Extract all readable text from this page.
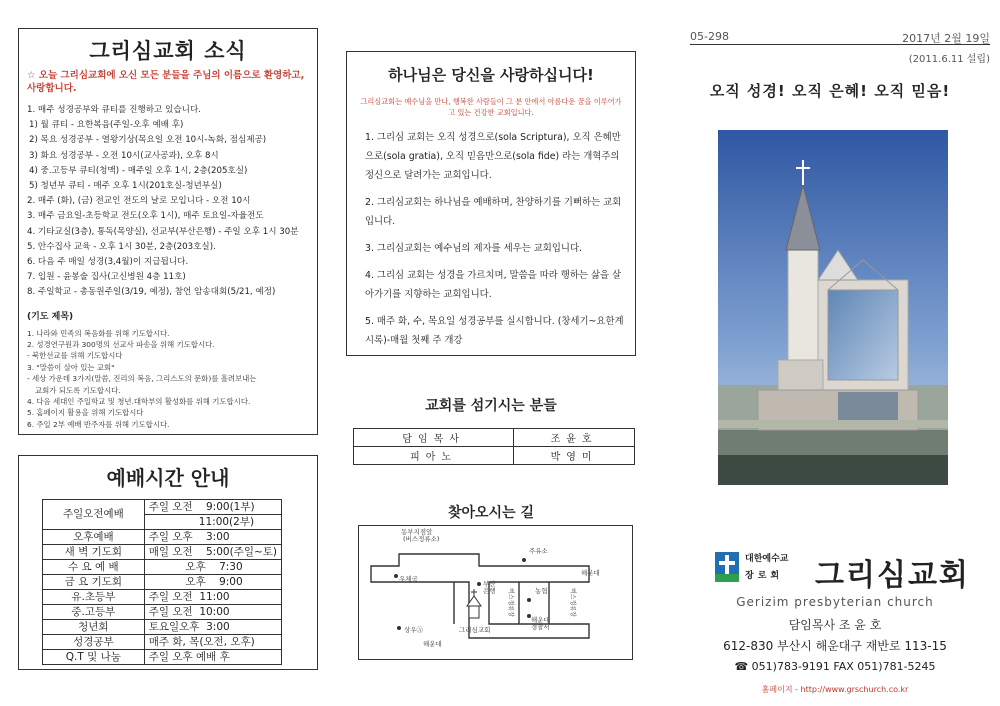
그리심교회 소식
☆ 오늘 그리심교회에 오신 모든 분들을 주님의 이름으로 환영하고, 사랑합니다.
1. 매주 성경공부와 큐티를 진행하고 있습니다.
1) 월 큐티 - 요한복음(주일-오후 예배 후)
2) 목요 성경공부 - 열왕기상(목요일 오전 10시-녹화, 점심제공)
3) 화요 성경공부 - 오전 10시(교사공과), 오후 8시
4) 중.고등부 큐티(청맥) - 매주일 오후 1시, 2층(205호실)
5) 청년부 큐티 - 매주 오후 1시(201호실-청년부실)
2. 매주 (화), (금) 전교인 전도의 날로 모입니다 - 오전 10시
3. 매주 금요일-초등학교 전도(오후 1시), 매주 토요일-자율전도
4. 기타교실(3층), 통독(목양실), 선교부(부산은행) - 주일 오후 1시 30분
5. 안수집사 교육 - 오후 1시 30분, 2층(203호실).
6. 다음 주 매일 성경(3,4월)이 지급됩니다.
7. 입원 - 윤봉술 집사(고신병원 4층 11호)
8. 주일학교 - 총동원주일(3/19, 예정), 참언 암송대회(5/21, 예정)
(기도 제목)
1. 나라와 민족의 복음화를 위해 기도합시다.
2. 성경연구원과 300명의 선교사 파송을 위해 기도합시다.
- 북한선교를 위해 기도합시다
3. "말씀이 살아 있는 교회"
- 세상 가운데 3가지(말씀, 진리의 복음, 그리스도의 문화)를 흘려보내는
교회가 되도록 기도합시다.
4. 다음 세대인 주일학교 및 청년.대학부의 활성화를 위해 기도합시다.
5. 홈페이지 활용을 위해 기도합시다
6. 주일 2부 예배 반주자를 위해 기도합시다.
예배시간 안내
주일오전예배	주일 오전    9:00(1부)
	11:00(2부)
오후예배	주일 오후    3:00
새 벽 기도회	매일 오전    5:00(주일~토)
수 요 예 배	오후    7:30
금 요 기도회	오후    9:00
유.초등부	주일 오전  11:00
중.고등부	주일 오전  10:00
청년회	토요일오후  3:00
성경공부	매주 화, 목(오전, 오후)
Q.T 및 나눔	주일 오후 예배 후
하나님은 당신을 사랑하십니다!
그리심교회는 예수님을 만나, 행복한 사람들이 그 분 안에서 아름다운 꿈을 이루어가고 있는 건강한 교회입니다.
1. 그리심 교회는 오직 성경으로(sola Scriptura), 오직 은혜만으로(sola gratia), 오직 믿음만으로(sola fide) 라는 개혁주의 정신으로 달려가는 교회입니다.
2. 그리심교회는 하나님을 예배하며, 찬양하기를 기뻐하는 교회입니다.
3. 그리심교회는 예수님의 제자를 세우는 교회입니다.
4. 그리심 교회는 성경을 가르치며, 말씀을 따라 행하는 삶을 살아가기를 지향하는 교회입니다.
5. 매주 화, 수, 목요일 성경공부를 실시합니다. (창세기~요한계시록)-매월 첫째 주 개강
교회를 섬기시는 분들
담임목사	조윤호
피아노	박영미
찾아오시는 길
동부지점앞 (버스정류소)
주유소
우체국
부산 은행
해운대
농협
해운대 경찰서
상우Ⓐ	그리심교회
해운대
버스정류장	버스정류장
05-298	2017년 2월 19일
(2011.6.11 설립)
오직 성경! 오직 은혜! 오직 믿음!
대한예수교
장로회 그리심교회
Gerizim presbyterian church
담임목사 조 윤 호
612-830 부산시 해운대구 재반로 113-15
☎ 051)783-9191 FAX 051)781-5245
홈페이지 - http://www.grschurch.co.kr
